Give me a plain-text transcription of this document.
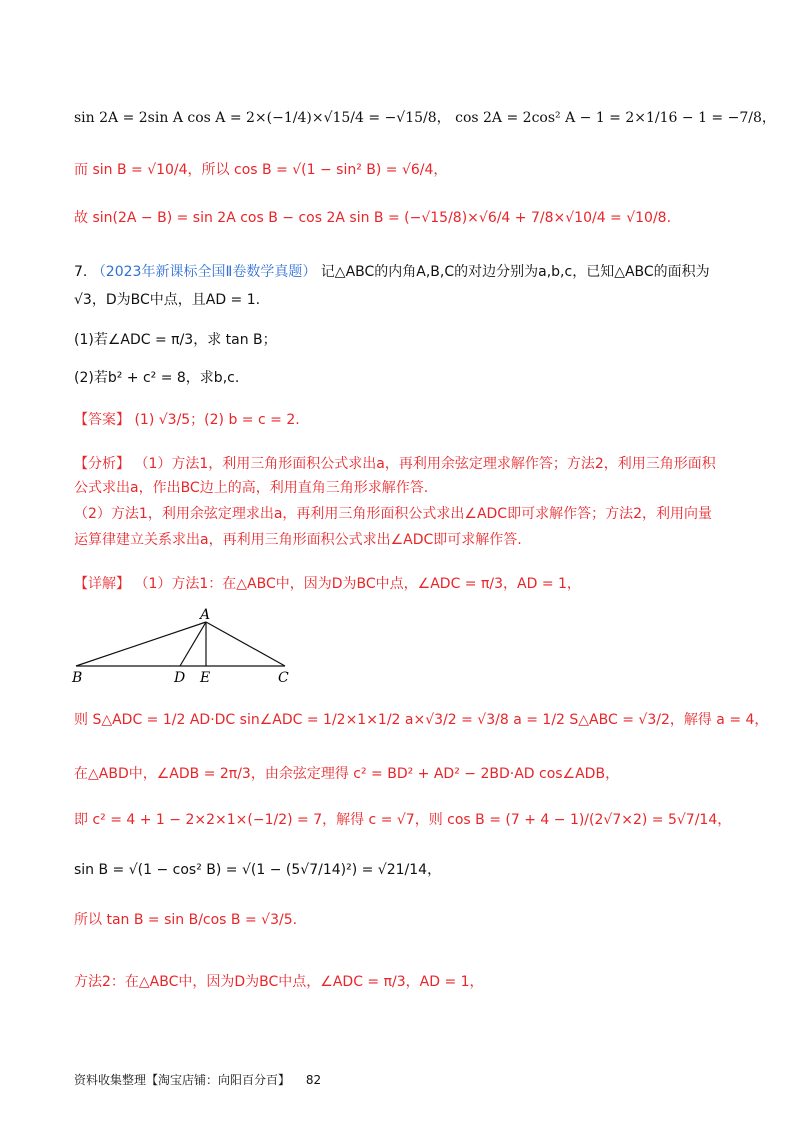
sin 2A = 2sin A cos A = 2×(−1/4)×√15/4 = −√15/8， cos 2A = 2cos² A − 1 = 2×1/16 − 1 = −7/8，
而 sin B = √10/4，所以 cos B = √(1 − sin² B) = √6/4，
故 sin(2A − B) = sin 2A cos B − cos 2A sin B = (−√15/8)×√6/4 + 7/8×√10/4 = √10/8.
7. （2023年新课标全国Ⅱ卷数学真题） 记△ABC的内角A,B,C的对边分别为a,b,c，已知△ABC的面积为
√3，D为BC中点，且AD = 1.
(1)若∠ADC = π/3，求 tan B；
(2)若b² + c² = 8，求b,c.
【答案】 (1) √3/5；(2) b = c = 2.
【分析】 （1）方法1，利用三角形面积公式求出a，再利用余弦定理求解作答；方法2，利用三角形面积
公式求出a，作出BC边上的高，利用直角三角形求解作答.
（2）方法1，利用余弦定理求出a，再利用三角形面积公式求出∠ADC即可求解作答；方法2，利用向量
运算律建立关系求出a，再利用三角形面积公式求出∠ADC即可求解作答.
【详解】 （1）方法1：在△ABC中，因为D为BC中点，∠ADC = π/3，AD = 1，
A
B	D E	C
则 S△ADC = 1/2 AD·DC sin∠ADC = 1/2×1×1/2 a×√3/2 = √3/8 a = 1/2 S△ABC = √3/2，解得 a = 4，
在△ABD中，∠ADB = 2π/3，由余弦定理得 c² = BD² + AD² − 2BD·AD cos∠ADB，
即 c² = 4 + 1 − 2×2×1×(−1/2) = 7，解得 c = √7，则 cos B = (7 + 4 − 1)/(2√7×2) = 5√7/14，
sin B = √(1 − cos² B) = √(1 − (5√7/14)²) = √21/14，
所以 tan B = sin B/cos B = √3/5.
方法2：在△ABC中，因为D为BC中点，∠ADC = π/3，AD = 1，
资料收集整理【淘宝店铺：向阳百分百】 82
